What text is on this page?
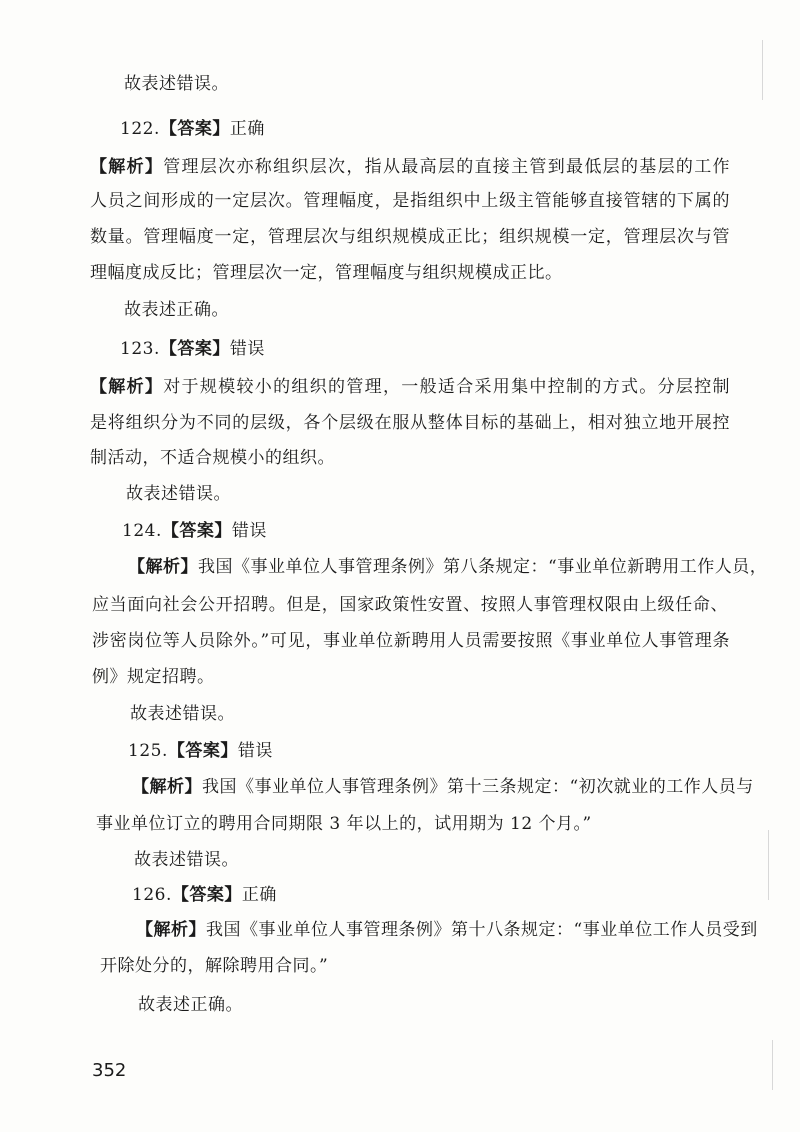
故表述错误。
122.【答案】正确
【解析】管理层次亦称组织层次，指从最高层的直接主管到最低层的基层的工作
人员之间形成的一定层次。管理幅度，是指组织中上级主管能够直接管辖的下属的
数量。管理幅度一定，管理层次与组织规模成正比；组织规模一定，管理层次与管
理幅度成反比；管理层次一定，管理幅度与组织规模成正比。
故表述正确。
123.【答案】错误
【解析】对于规模较小的组织的管理，一般适合采用集中控制的方式。分层控制
是将组织分为不同的层级，各个层级在服从整体目标的基础上，相对独立地开展控
制活动，不适合规模小的组织。
故表述错误。
124.【答案】错误
【解析】我国《事业单位人事管理条例》第八条规定：“事业单位新聘用工作人员，
应当面向社会公开招聘。但是，国家政策性安置、按照人事管理权限由上级任命、
涉密岗位等人员除外。”可见，事业单位新聘用人员需要按照《事业单位人事管理条
例》规定招聘。
故表述错误。
125.【答案】错误
【解析】我国《事业单位人事管理条例》第十三条规定：“初次就业的工作人员与
事业单位订立的聘用合同期限 3 年以上的，试用期为 12 个月。”
故表述错误。
126.【答案】正确
【解析】我国《事业单位人事管理条例》第十八条规定：“事业单位工作人员受到
开除处分的，解除聘用合同。”
故表述正确。
352
